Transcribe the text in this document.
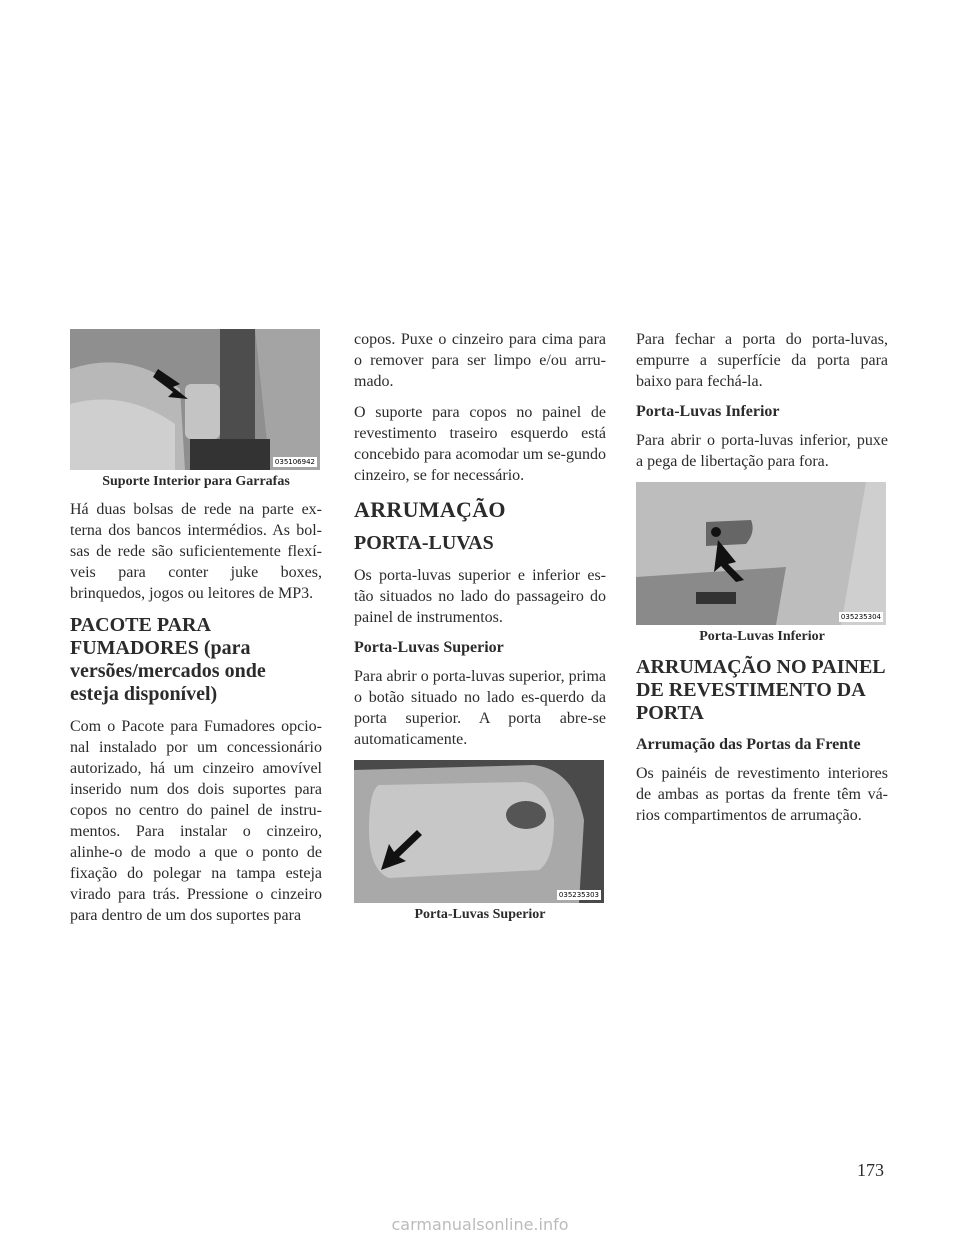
035106942
Suporte Interior para Garrafas

Há duas bolsas de rede na parte ex-terna dos bancos intermédios. As bol-sas de rede são suficientemente flexí-veis para conter juke boxes, brinquedos, jogos ou leitores de MP3.

PACOTE PARA
FUMADORES (para
versões/mercados onde
esteja disponível)

Com o Pacote para Fumadores opcio-nal instalado por um concessionário autorizado, há um cinzeiro amovível inserido num dos dois suportes para copos no centro do painel de instru-mentos. Para instalar o cinzeiro, alinhe-o de modo a que o ponto de fixação do polegar na tampa esteja virado para trás. Pressione o cinzeiro para dentro de um dos suportes para

copos. Puxe o cinzeiro para cima para o remover para ser limpo e/ou arru-mado.

O suporte para copos no painel de revestimento traseiro esquerdo está concebido para acomodar um se-gundo cinzeiro, se for necessário.

ARRUMAÇÃO
PORTA-LUVAS

Os porta-luvas superior e inferior es-tão situados no lado do passageiro do painel de instrumentos.

Porta-Luvas Superior

Para abrir o porta-luvas superior, prima o botão situado no lado es-querdo da porta superior. A porta abre-se automaticamente.

035235303
Porta-Luvas Superior

Para fechar a porta do porta-luvas, empurre a superfície da porta para baixo para fechá-la.

Porta-Luvas Inferior

Para abrir o porta-luvas inferior, puxe a pega de libertação para fora.

035235304
Porta-Luvas Inferior
ARRUMAÇÃO NO PAINEL
DE REVESTIMENTO DA
PORTA
Arrumação das Portas da Frente

Os painéis de revestimento interiores de ambas as portas da frente têm vá-rios compartimentos de arrumação.

173
carmanualsonline.info
